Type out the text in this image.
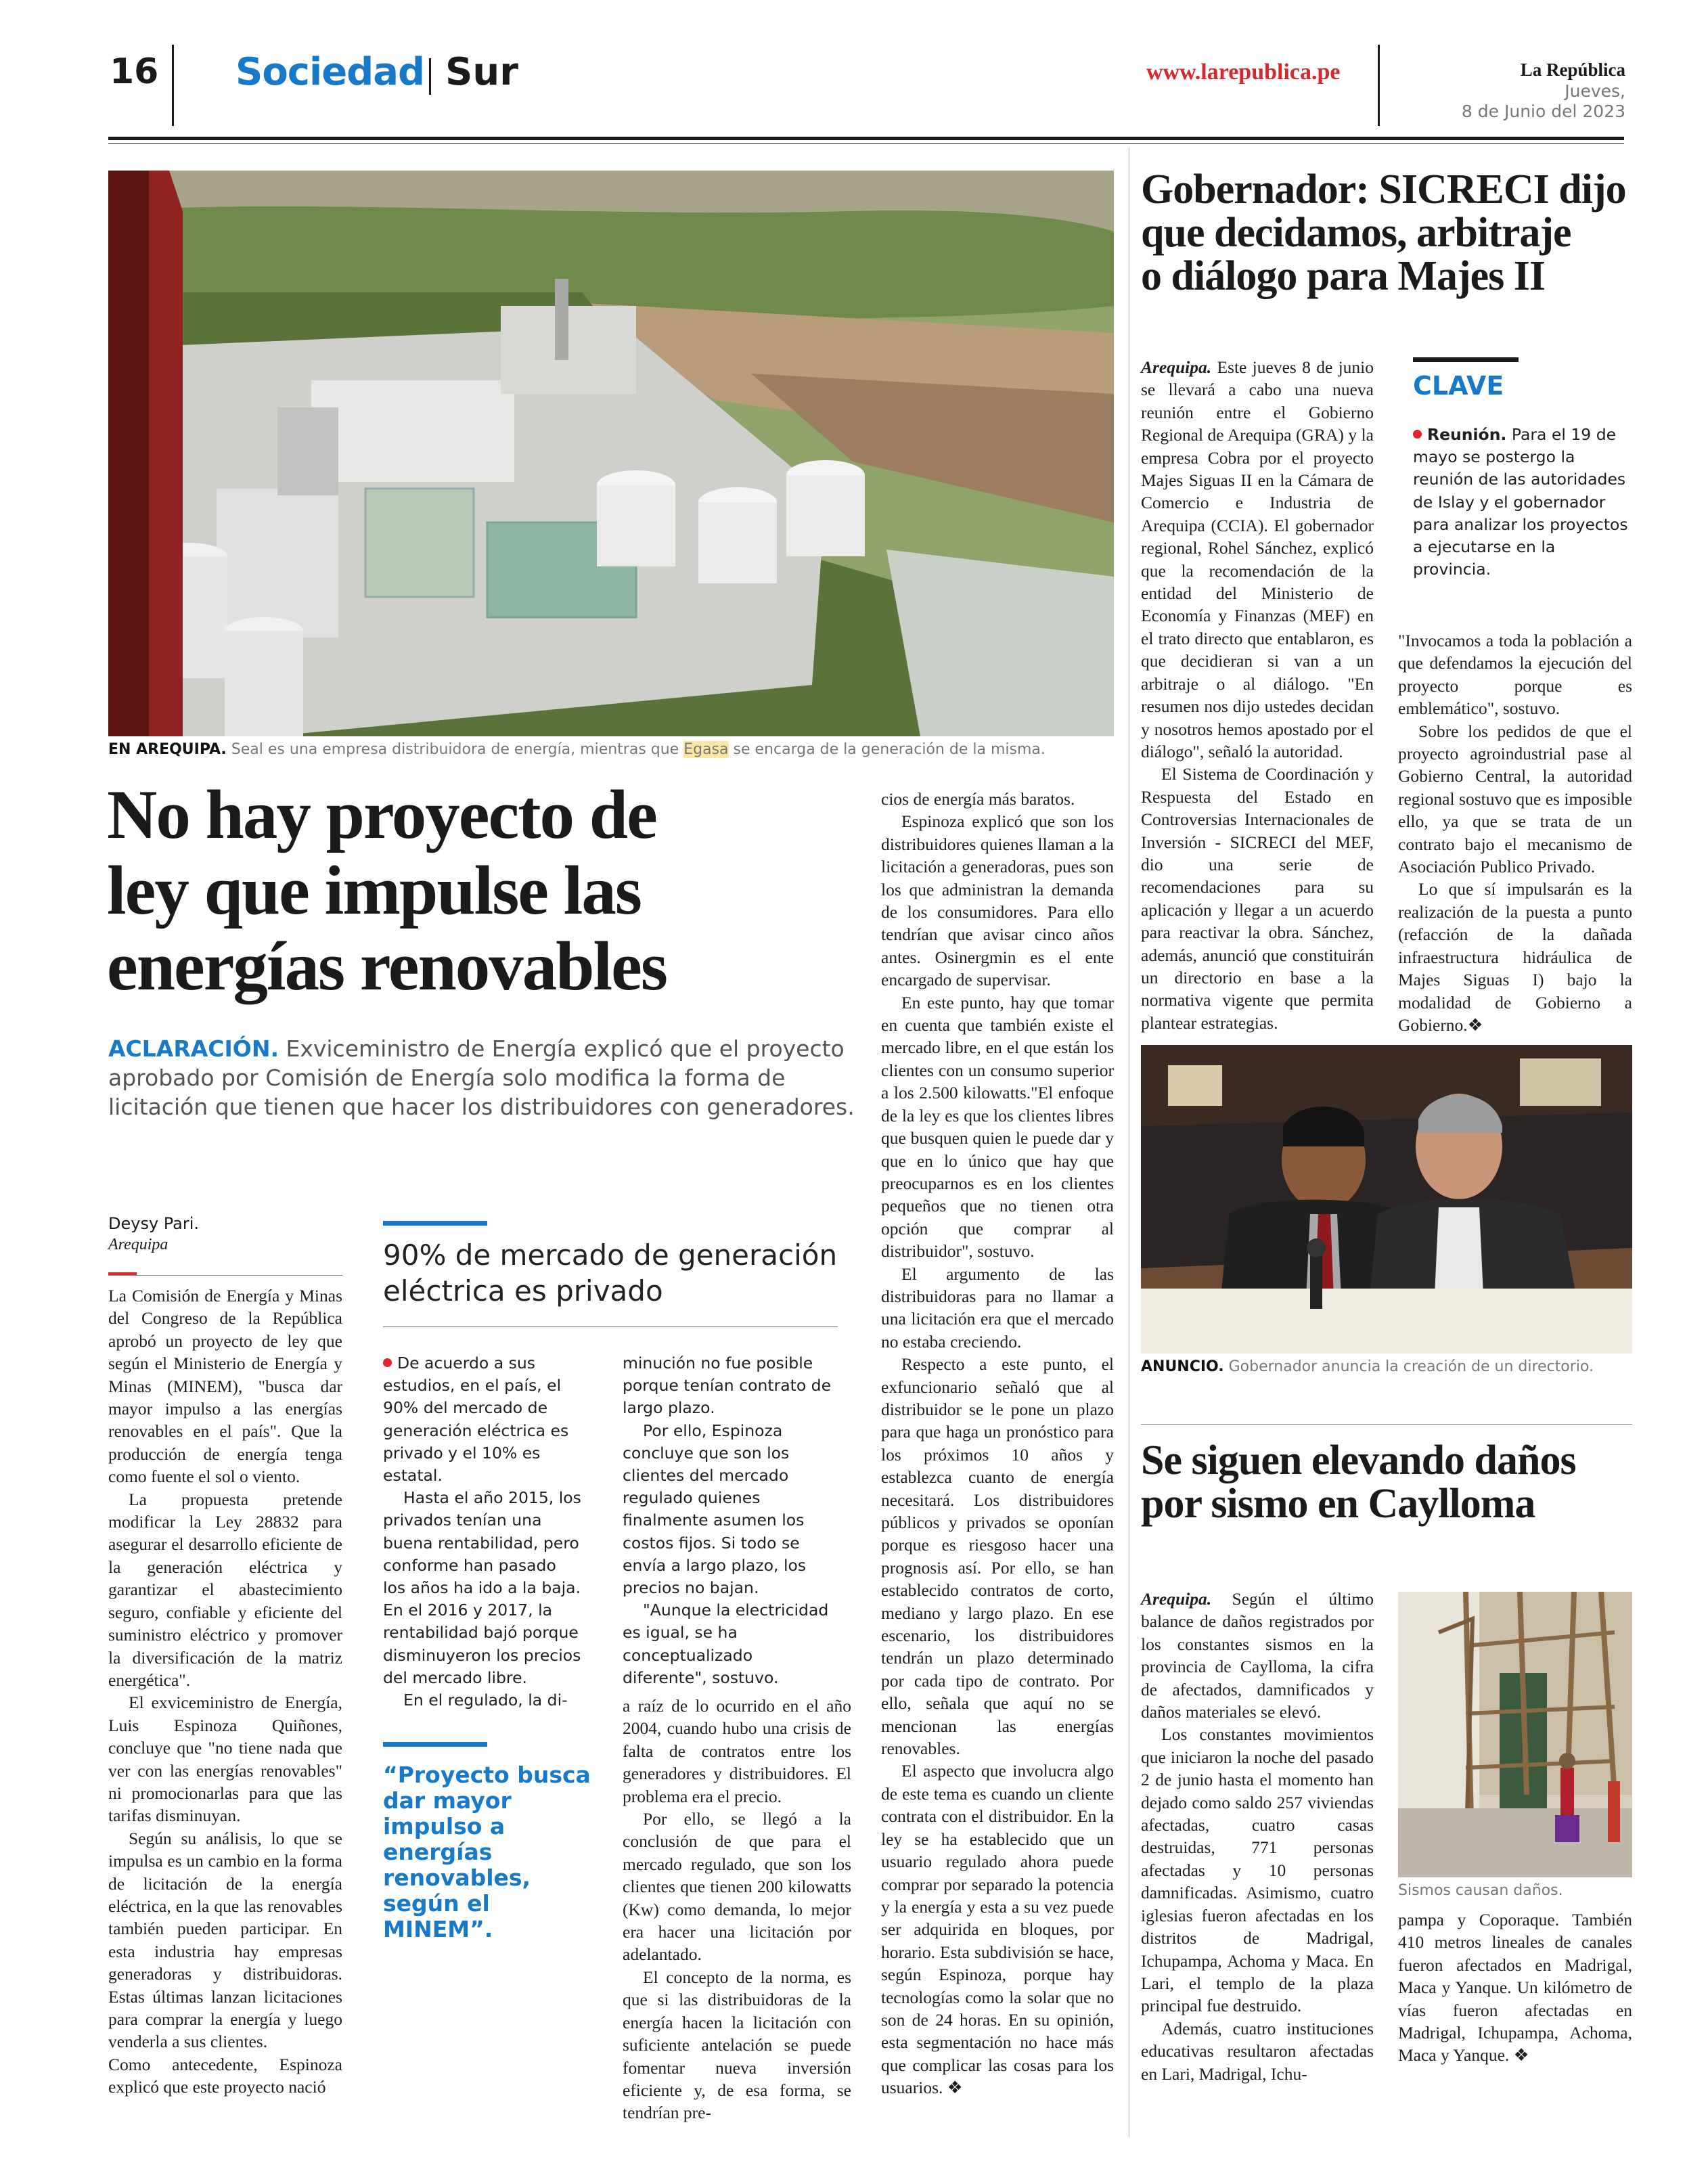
16 Sociedad Sur	www.larepublica.pe	La República
Jueves,
8 de Junio del 2023
EN AREQUIPA. Seal es una empresa distribuidora de energía, mientras que Egasa se encarga de la generación de la misma.
No hay proyecto de
ley que impulse las
energías renovables
ACLARACIÓN. Exviceministro de Energía explicó que el proyecto aprobado por Comisión de Energía solo modifica la forma de licitación que tienen que hacer los distribuidores con generadores.
Deysy Pari.
Arequipa

La Comisión de Energía y Minas del Congreso de la República aprobó un proyecto de ley que según el Ministerio de Energía y Minas (MINEM), "busca dar mayor impulso a las energías renovables en el país". Que la producción de energía tenga como fuente el sol o viento.

La propuesta pretende modificar la Ley 28832 para asegurar el desarrollo eficiente de la generación eléctrica y garantizar el abastecimiento seguro, confiable y eficiente del suministro eléctrico y promover la diversificación de la matriz energética".

El exviceministro de Energía, Luis Espinoza Quiñones, concluye que "no tiene nada que ver con las energías renovables" ni promocionarlas para que las tarifas disminuyan.

Según su análisis, lo que se impulsa es un cambio en la forma de licitación de la energía eléctrica, en la que las renovables también pueden participar. En esta industria hay empresas generadoras y distribuidoras. Estas últimas lanzan licitaciones para comprar la energía y luego venderla a sus clientes.

Como antecedente, Espinoza explicó que este proyecto nació

90% de mercado de generación eléctrica es privado

De acuerdo a sus estudios, en el país, el 90% del mercado de generación eléctrica es privado y el 10% es estatal.

Hasta el año 2015, los privados tenían una buena rentabilidad, pero conforme han pasado los años ha ido a la baja. En el 2016 y 2017, la rentabilidad bajó porque disminuyeron los precios del mercado libre.

En el regulado, la di-

minución no fue posible porque tenían contrato de largo plazo.

Por ello, Espinoza concluye que son los clientes del mercado regulado quienes finalmente asumen los costos fijos. Si todo se envía a largo plazo, los precios no bajan.

"Aunque la electricidad es igual, se ha conceptualizado diferente", sostuvo.

“Proyecto busca dar mayor impulso a energías renovables, según el MINEM”.

a raíz de lo ocurrido en el año 2004, cuando hubo una crisis de falta de contratos entre los generadores y distribuidores. El problema era el precio.

Por ello, se llegó a la conclusión de que para el mercado regulado, que son los clientes que tienen 200 kilowatts (Kw) como demanda, lo mejor era hacer una licitación por adelantado.

El concepto de la norma, es que si las distribuidoras de la energía hacen la licitación con suficiente antelación se puede fomentar nueva inversión eficiente y, de esa forma, se tendrían pre-

cios de energía más baratos.

Espinoza explicó que son los distribuidores quienes llaman a la licitación a generadoras, pues son los que administran la demanda de los consumidores. Para ello tendrían que avisar cinco años antes. Osinergmin es el ente encargado de supervisar.

En este punto, hay que tomar en cuenta que también existe el mercado libre, en el que están los clientes con un consumo superior a los 2.500 kilowatts."El enfoque de la ley es que los clientes libres que busquen quien le puede dar y que en lo único que hay que preocuparnos es en los clientes pequeños que no tienen otra opción que comprar al distribuidor", sostuvo.

El argumento de las distribuidoras para no llamar a una licitación era que el mercado no estaba creciendo.

Respecto a este punto, el exfuncionario señaló que al distribuidor se le pone un plazo para que haga un pronóstico para los próximos 10 años y establezca cuanto de energía necesitará. Los distribuidores públicos y privados se oponían porque es riesgoso hacer una prognosis así. Por ello, se han establecido contratos de corto, mediano y largo plazo. En ese escenario, los distribuidores tendrán un plazo determinado por cada tipo de contrato. Por ello, señala que aquí no se mencionan las energías renovables.

El aspecto que involucra algo de este tema es cuando un cliente contrata con el distribuidor. En la ley se ha establecido que un usuario regulado ahora puede comprar por separado la potencia y la energía y esta a su vez puede ser adquirida en bloques, por horario. Esta subdivisión se hace, según Espinoza, porque hay tecnologías como la solar que no son de 24 horas. En su opinión, esta segmentación no hace más que complicar las cosas para los usuarios. ❖

Gobernador: SICRECI dijo
que decidamos, arbitraje
o diálogo para Majes II

Arequipa. Este jueves 8 de junio se llevará a cabo una nueva reunión entre el Gobierno Regional de Arequipa (GRA) y la empresa Cobra por el proyecto Majes Siguas II en la Cámara de Comercio e Industria de Arequipa (CCIA). El gobernador regional, Rohel Sánchez, explicó que la recomendación de la entidad del Ministerio de Economía y Finanzas (MEF) en el trato directo que entablaron, es que decidieran si van a un arbitraje o al diálogo. "En resumen nos dijo ustedes decidan y nosotros hemos apostado por el diálogo", señaló la autoridad.

El Sistema de Coordinación y Respuesta del Estado en Controversias Internacionales de Inversión - SICRECI del MEF, dio una serie de recomendaciones para su aplicación y llegar a un acuerdo para reactivar la obra. Sánchez, además, anunció que constituirán un directorio en base a la normativa vigente que permita plantear estrategias.

CLAVE

Reunión. Para el 19 de mayo se postergo la reunión de las autoridades de Islay y el gobernador para analizar los proyectos a ejecutarse en la provincia.

"Invocamos a toda la población a que defendamos la ejecución del proyecto porque es emblemático", sostuvo.

Sobre los pedidos de que el proyecto agroindustrial pase al Gobierno Central, la autoridad regional sostuvo que es imposible ello, ya que se trata de un contrato bajo el mecanismo de Asociación Publico Privado.

Lo que sí impulsarán es la realización de la puesta a punto (refacción de la dañada infraestructura hidráulica de Majes Siguas I) bajo la modalidad de Gobierno a Gobierno.❖

ANUNCIO. Gobernador anuncia la creación de un directorio.
Se siguen elevando daños
por sismo en Caylloma

Arequipa. Según el último balance de daños registrados por los constantes sismos en la provincia de Caylloma, la cifra de afectados, damnificados y daños materiales se elevó.

Los constantes movimientos que iniciaron la noche del pasado 2 de junio hasta el momento han dejado como saldo 257 viviendas afectadas, cuatro casas destruidas, 771 personas afectadas y 10 personas damnificadas. Asimismo, cuatro iglesias fueron afectadas en los distritos de Madrigal, Ichupampa, Achoma y Maca. En Lari, el templo de la plaza principal fue destruido.

Además, cuatro instituciones educativas resultaron afectadas en Lari, Madrigal, Ichu-

Sismos causan daños.

pampa y Coporaque. También 410 metros lineales de canales fueron afectados en Madrigal, Maca y Yanque. Un kilómetro de vías fueron afectadas en Madrigal, Ichupampa, Achoma, Maca y Yanque. ❖
